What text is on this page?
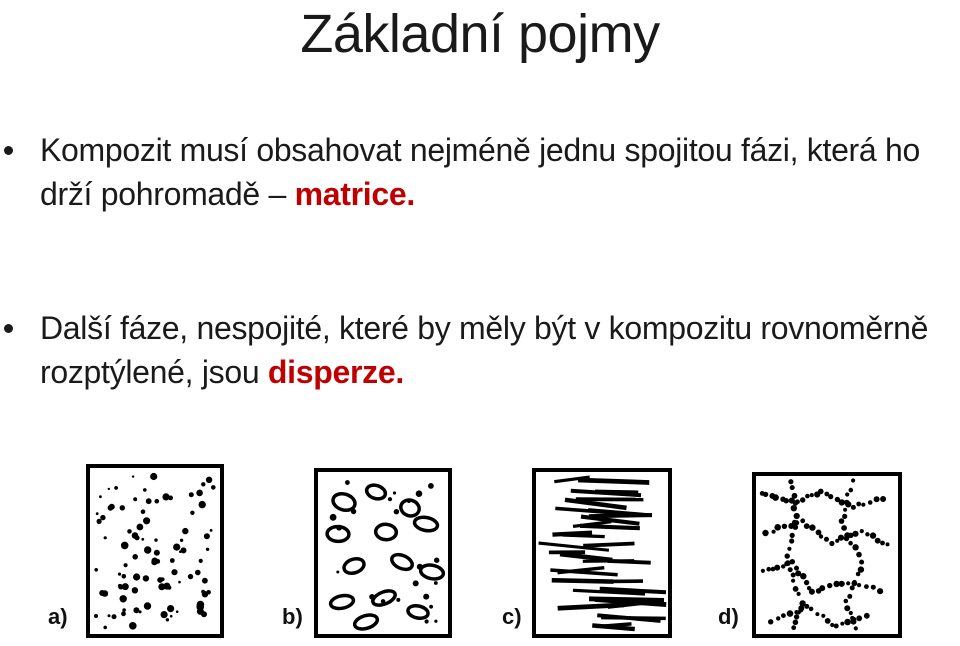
Základní pojmy
Kompozit musí obsahovat nejméně jednu spojitou fázi, která ho drží pohromadě – matrice.
Další fáze, nespojité, které by měly být v kompozitu rovnoměrně rozptýlené, jsou disperze.
a)	b)	c)	d)
